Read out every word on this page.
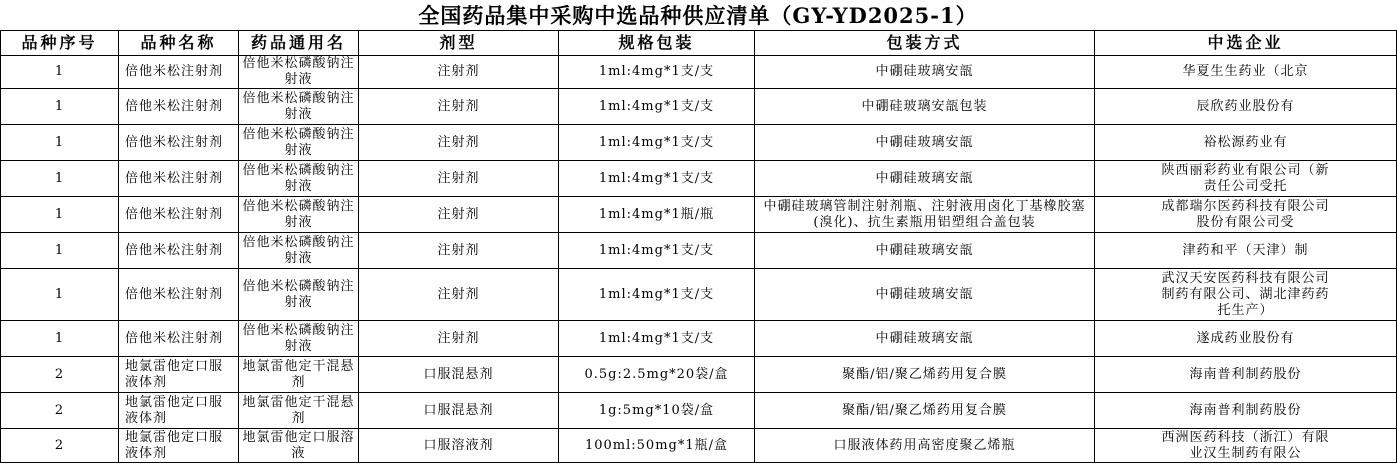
全国药品集中采购中选品种供应清单（GY-YD2025-1）
品种序号	品种名称	药品通用名	剂型	规格包装	包装方式	中选企业
1	倍他米松注射剂	倍他米松磷酸钠注射液	注射剂	1ml:4mg*1支/支	中硼硅玻璃安瓿	华夏生生药业（北京
1	倍他米松注射剂	倍他米松磷酸钠注射液	注射剂	1ml:4mg*1支/支	中硼硅玻璃安瓿包装	辰欣药业股份有
1	倍他米松注射剂	倍他米松磷酸钠注射液	注射剂	1ml:4mg*1支/支	中硼硅玻璃安瓿	裕松源药业有
1	倍他米松注射剂	倍他米松磷酸钠注射液	注射剂	1ml:4mg*1支/支	中硼硅玻璃安瓿	陕西丽彩药业有限公司（新
责任公司受托
1	倍他米松注射剂	倍他米松磷酸钠注射液	注射剂	1ml:4mg*1瓶/瓶	中硼硅玻璃管制注射剂瓶、注射液用卤化丁基橡胶塞(溴化)、抗生素瓶用铝塑组合盖包装	成都瑞尔医药科技有限公司
股份有限公司受
1	倍他米松注射剂	倍他米松磷酸钠注射液	注射剂	1ml:4mg*1支/支	中硼硅玻璃安瓿	津药和平（天津）制
1	倍他米松注射剂	倍他米松磷酸钠注射液	注射剂	1ml:4mg*1支/支	中硼硅玻璃安瓿	武汉天安医药科技有限公司
制药有限公司、湖北津药药
托生产）
1	倍他米松注射剂	倍他米松磷酸钠注射液	注射剂	1ml:4mg*1支/支	中硼硅玻璃安瓿	遂成药业股份有
2	地氯雷他定口服液体剂	地氯雷他定干混悬剂	口服混悬剂	0.5g:2.5mg*20袋/盒	聚酯/铝/聚乙烯药用复合膜	海南普利制药股份
2	地氯雷他定口服液体剂	地氯雷他定干混悬剂	口服混悬剂	1g:5mg*10袋/盒	聚酯/铝/聚乙烯药用复合膜	海南普利制药股份
2	地氯雷他定口服液体剂	地氯雷他定口服溶液	口服溶液剂	100ml:50mg*1瓶/盒	口服液体药用高密度聚乙烯瓶	西洲医药科技（浙江）有限
业汉生制药有限公
